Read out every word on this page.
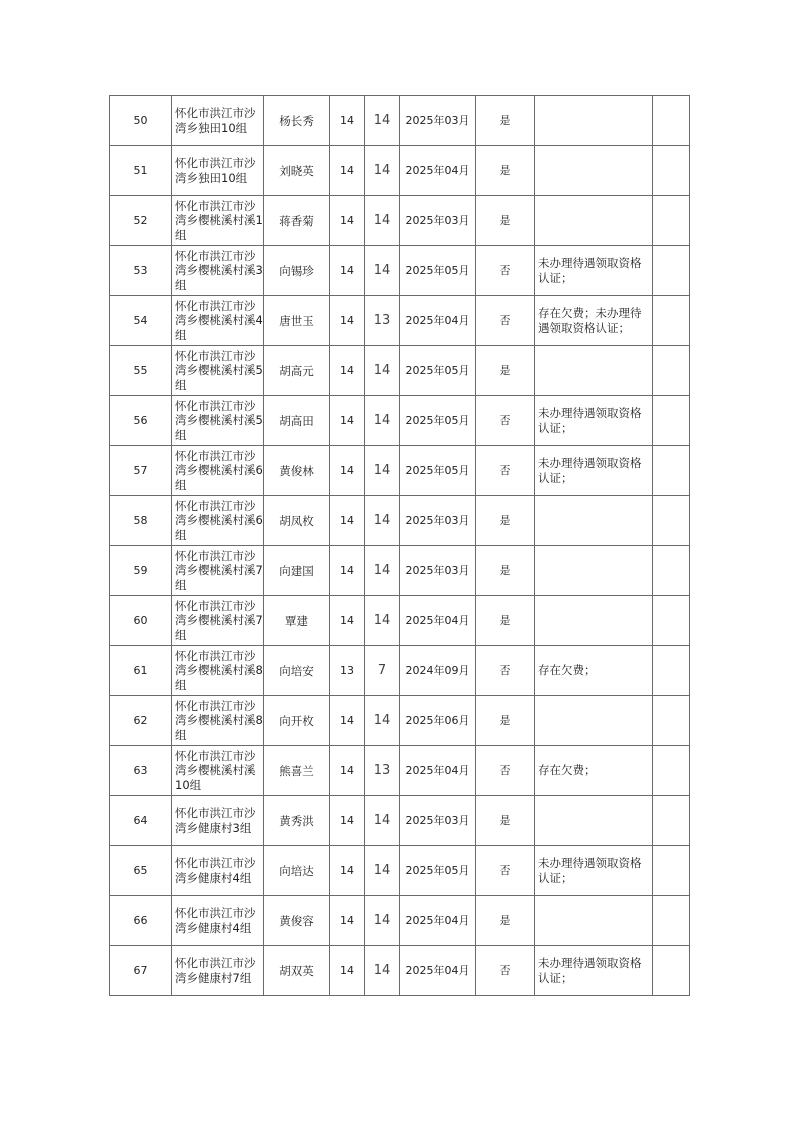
50	怀化市洪江市沙湾乡独田10组	杨长秀	14	14	2025年03月	是		
51	怀化市洪江市沙湾乡独田10组	刘晓英	14	14	2025年04月	是		
52	怀化市洪江市沙湾乡樱桃溪村溪1组	蒋香菊	14	14	2025年03月	是		
53	怀化市洪江市沙湾乡樱桃溪村溪3组	向锡珍	14	14	2025年05月	否	未办理待遇领取资格认证；	
54	怀化市洪江市沙湾乡樱桃溪村溪4组	唐世玉	14	13	2025年04月	否	存在欠费；未办理待遇领取资格认证；	
55	怀化市洪江市沙湾乡樱桃溪村溪5组	胡高元	14	14	2025年05月	是		
56	怀化市洪江市沙湾乡樱桃溪村溪5组	胡高田	14	14	2025年05月	否	未办理待遇领取资格认证；	
57	怀化市洪江市沙湾乡樱桃溪村溪6组	黄俊林	14	14	2025年05月	否	未办理待遇领取资格认证；	
58	怀化市洪江市沙湾乡樱桃溪村溪6组	胡凤枚	14	14	2025年03月	是		
59	怀化市洪江市沙湾乡樱桃溪村溪7组	向建国	14	14	2025年03月	是		
60	怀化市洪江市沙湾乡樱桃溪村溪7组	覃建	14	14	2025年04月	是		
61	怀化市洪江市沙湾乡樱桃溪村溪8组	向培安	13	7	2024年09月	否	存在欠费；	
62	怀化市洪江市沙湾乡樱桃溪村溪8组	向开枚	14	14	2025年06月	是		
63	怀化市洪江市沙湾乡樱桃溪村溪10组	熊喜兰	14	13	2025年04月	否	存在欠费；	
64	怀化市洪江市沙湾乡健康村3组	黄秀洪	14	14	2025年03月	是		
65	怀化市洪江市沙湾乡健康村4组	向培达	14	14	2025年05月	否	未办理待遇领取资格认证；	
66	怀化市洪江市沙湾乡健康村4组	黄俊容	14	14	2025年04月	是		
67	怀化市洪江市沙湾乡健康村7组	胡双英	14	14	2025年04月	否	未办理待遇领取资格认证；	
